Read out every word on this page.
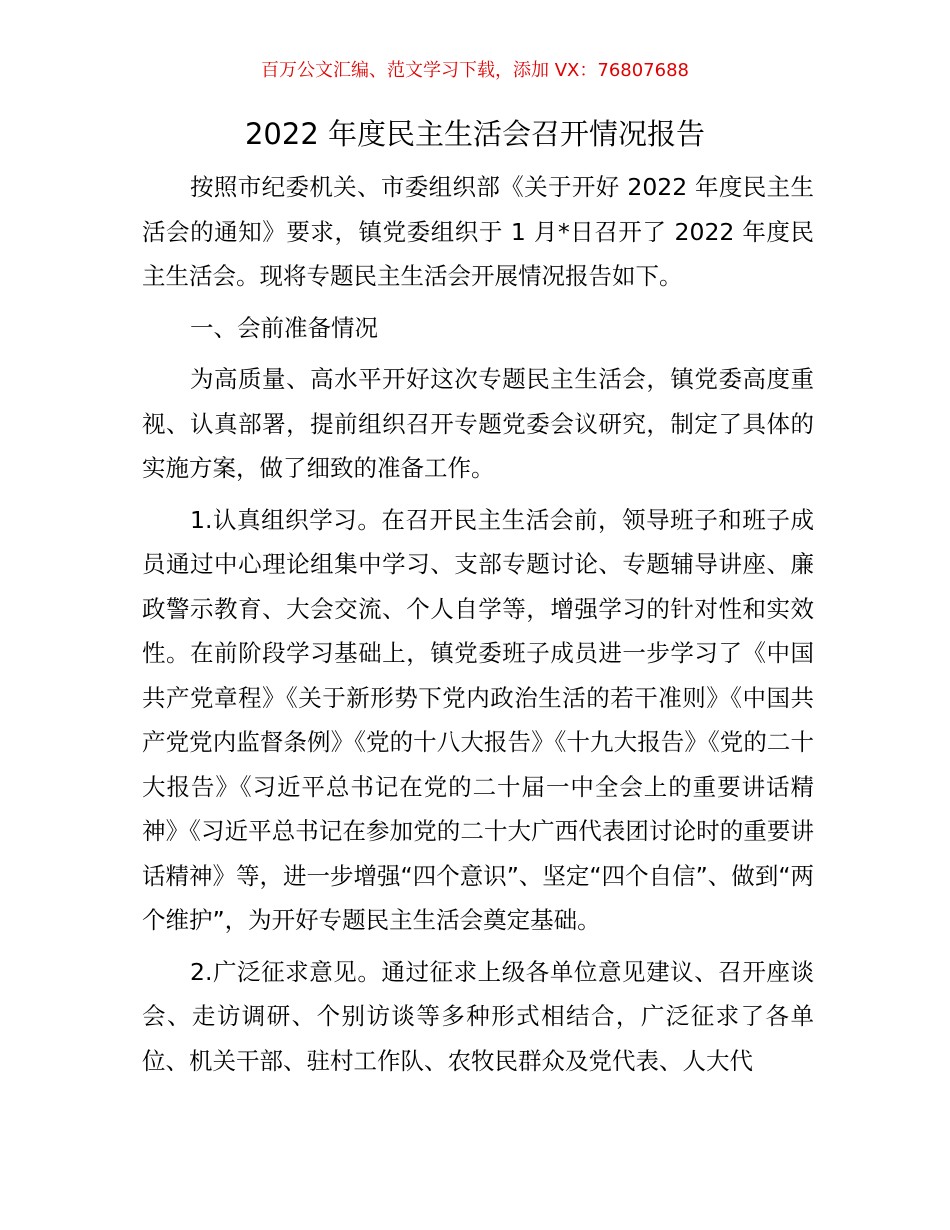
百万公文汇编、范文学习下载，添加 VX：76807688
2022 年度民主生活会召开情况报告

按照市纪委机关、市委组织部《关于开好 2022 年度民主生活会的通知》要求，镇党委组织于 1 月*日召开了 2022 年度民主生活会。现将专题民主生活会开展情况报告如下。

一、会前准备情况

为高质量、高水平开好这次专题民主生活会，镇党委高度重视、认真部署，提前组织召开专题党委会议研究，制定了具体的实施方案，做了细致的准备工作。

1.认真组织学习。在召开民主生活会前，领导班子和班子成员通过中心理论组集中学习、支部专题讨论、专题辅导讲座、廉政警示教育、大会交流、个人自学等，增强学习的针对性和实效性。在前阶段学习基础上，镇党委班子成员进一步学习了《中国共产党章程》《关于新形势下党内政治生活的若干准则》《中国共产党党内监督条例》《党的十八大报告》《十九大报告》《党的二十大报告》《习近平总书记在党的二十届一中全会上的重要讲话精神》《习近平总书记在参加党的二十大广西代表团讨论时的重要讲话精神》等，进一步增强“四个意识”、坚定“四个自信”、做到“两个维护”，为开好专题民主生活会奠定基础。

2.广泛征求意见。通过征求上级各单位意见建议、召开座谈会、走访调研、个别访谈等多种形式相结合，广泛征求了各单位、机关干部、驻村工作队、农牧民群众及党代表、人大代
